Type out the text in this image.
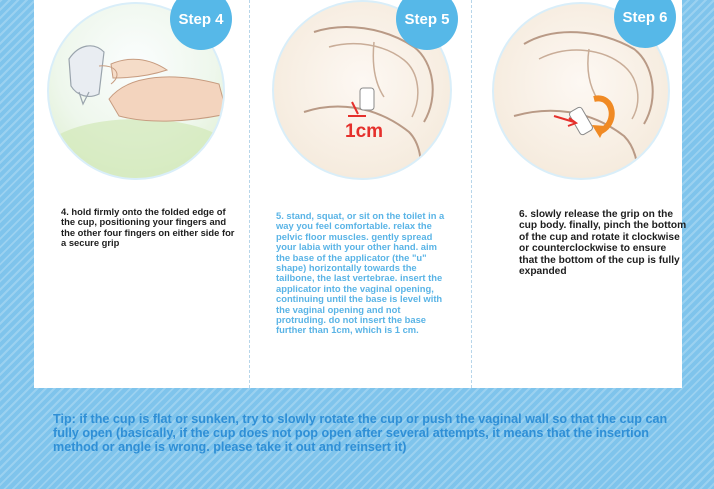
Step 4	Step 5
1cm
Step 6
4. hold firmly onto the folded edge of the cup, positioning your fingers and the other four fingers on either side for a secure grip
5. stand, squat, or sit on the toilet in a way you feel comfortable. relax the pelvic floor muscles. gently spread your labia with your other hand. aim the base of the applicator (the "u" shape) horizontally towards the tailbone, the last vertebrae. insert the applicator into the vaginal opening, continuing until the base is level with the vaginal opening and not protruding. do not insert the base further than 1cm, which is 1 cm.
6. slowly release the grip on the cup body. finally, pinch the bottom of the cup and rotate it clockwise or counterclockwise to ensure that the bottom of the cup is fully expanded
Tip: if the cup is flat or sunken, try to slowly rotate the cup or push the vaginal wall so that the cup can fully open (basically, if the cup does not pop open after several attempts, it means that the insertion method or angle is wrong. please take it out and reinsert it)
